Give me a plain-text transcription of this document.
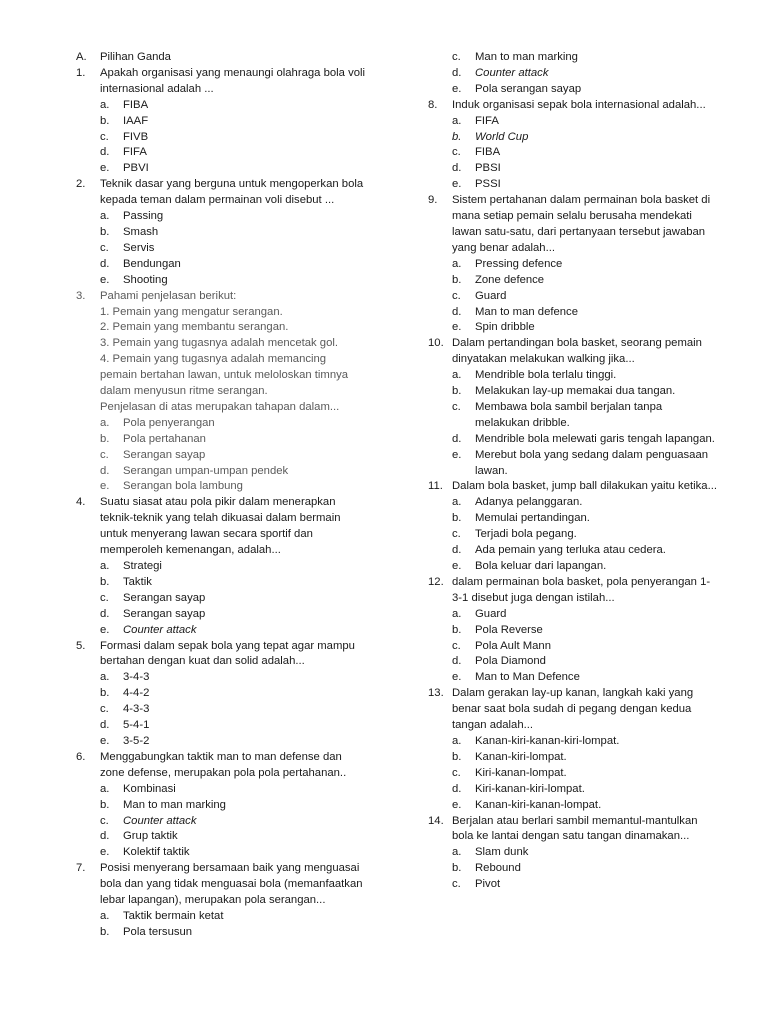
A.	Pilihan Ganda
1.	Apakah organisasi yang menaungi olahraga bola voli internasional adalah ...
a.	FIBA
b.	IAAF
c.	FIVB
d.	FIFA
e.	PBVI
2.	Teknik dasar yang berguna untuk mengoperkan bola kepada teman dalam permainan voli disebut ...
a.	Passing
b.	Smash
c.	Servis
d.	Bendungan
e.	Shooting
3.	Pahami penjelasan berikut:
1. Pemain yang mengatur serangan.
2. Pemain yang membantu serangan.
3. Pemain yang tugasnya adalah mencetak gol.
4. Pemain yang tugasnya adalah memancing pemain bertahan lawan, untuk meloloskan timnya dalam menyusun ritme serangan.
Penjelasan di atas merupakan tahapan dalam...
a.	Pola penyerangan
b.	Pola pertahanan
c.	Serangan sayap
d.	Serangan umpan-umpan pendek
e.	Serangan bola lambung
4.	Suatu siasat atau pola pikir dalam menerapkan teknik-teknik yang telah dikuasai dalam bermain untuk menyerang lawan secara sportif dan memperoleh kemenangan, adalah...
a.	Strategi
b.	Taktik
c.	Serangan sayap
d.	Serangan sayap
e.	Counter attack
5.	Formasi dalam sepak bola yang tepat agar mampu bertahan dengan kuat dan solid adalah...
a.	3-4-3
b.	4-4-2
c.	4-3-3
d.	5-4-1
e.	3-5-2
6.	Menggabungkan taktik man to man defense dan zone defense, merupakan pola pola pertahanan..
a.	Kombinasi
b.	Man to man marking
c.	Counter attack
d.	Grup taktik
e.	Kolektif taktik
7.	Posisi menyerang bersamaan baik yang menguasai bola dan yang tidak menguasai bola (memanfaatkan lebar lapangan), merupakan pola serangan...
a.	Taktik bermain ketat
b.	Pola tersusun
c.	Man to man marking
d.	Counter attack
e.	Pola serangan sayap
8.	Induk organisasi sepak bola internasional adalah...
a.	FIFA
b.	World Cup
c.	FIBA
d.	PBSI
e.	PSSI
9.	Sistem pertahanan dalam permainan bola basket di mana setiap pemain selalu berusaha mendekati lawan satu-satu, dari pertanyaan tersebut jawaban yang benar adalah...
a.	Pressing defence
b.	Zone defence
c.	Guard
d.	Man to man defence
e.	Spin dribble
10. Dalam pertandingan bola basket, seorang pemain dinyatakan melakukan walking jika...
a.	Mendrible bola terlalu tinggi.
b.	Melakukan lay-up memakai dua tangan.
c.	Membawa bola sambil berjalan tanpa melakukan dribble.
d.	Mendrible bola melewati garis tengah lapangan.
e.	Merebut bola yang sedang dalam penguasaan lawan.
11. Dalam bola basket, jump ball dilakukan yaitu ketika...
a.	Adanya pelanggaran.
b.	Memulai pertandingan.
c.	Terjadi bola pegang.
d.	Ada pemain yang terluka atau cedera.
e.	Bola keluar dari lapangan.
12. dalam permainan bola basket, pola penyerangan 1-3-1 disebut juga dengan istilah...
a.	Guard
b.	Pola Reverse
c.	Pola Ault Mann
d.	Pola Diamond
e.	Man to Man Defence
13. Dalam gerakan lay-up kanan, langkah kaki yang benar saat bola sudah di pegang dengan kedua tangan adalah...
a.	Kanan-kiri-kanan-kiri-lompat.
b.	Kanan-kiri-lompat.
c.	Kiri-kanan-lompat.
d.	Kiri-kanan-kiri-lompat.
e.	Kanan-kiri-kanan-lompat.
14. Berjalan atau berlari sambil memantul-mantulkan bola ke lantai dengan satu tangan dinamakan...
a.	Slam dunk
b.	Rebound
c.	Pivot
